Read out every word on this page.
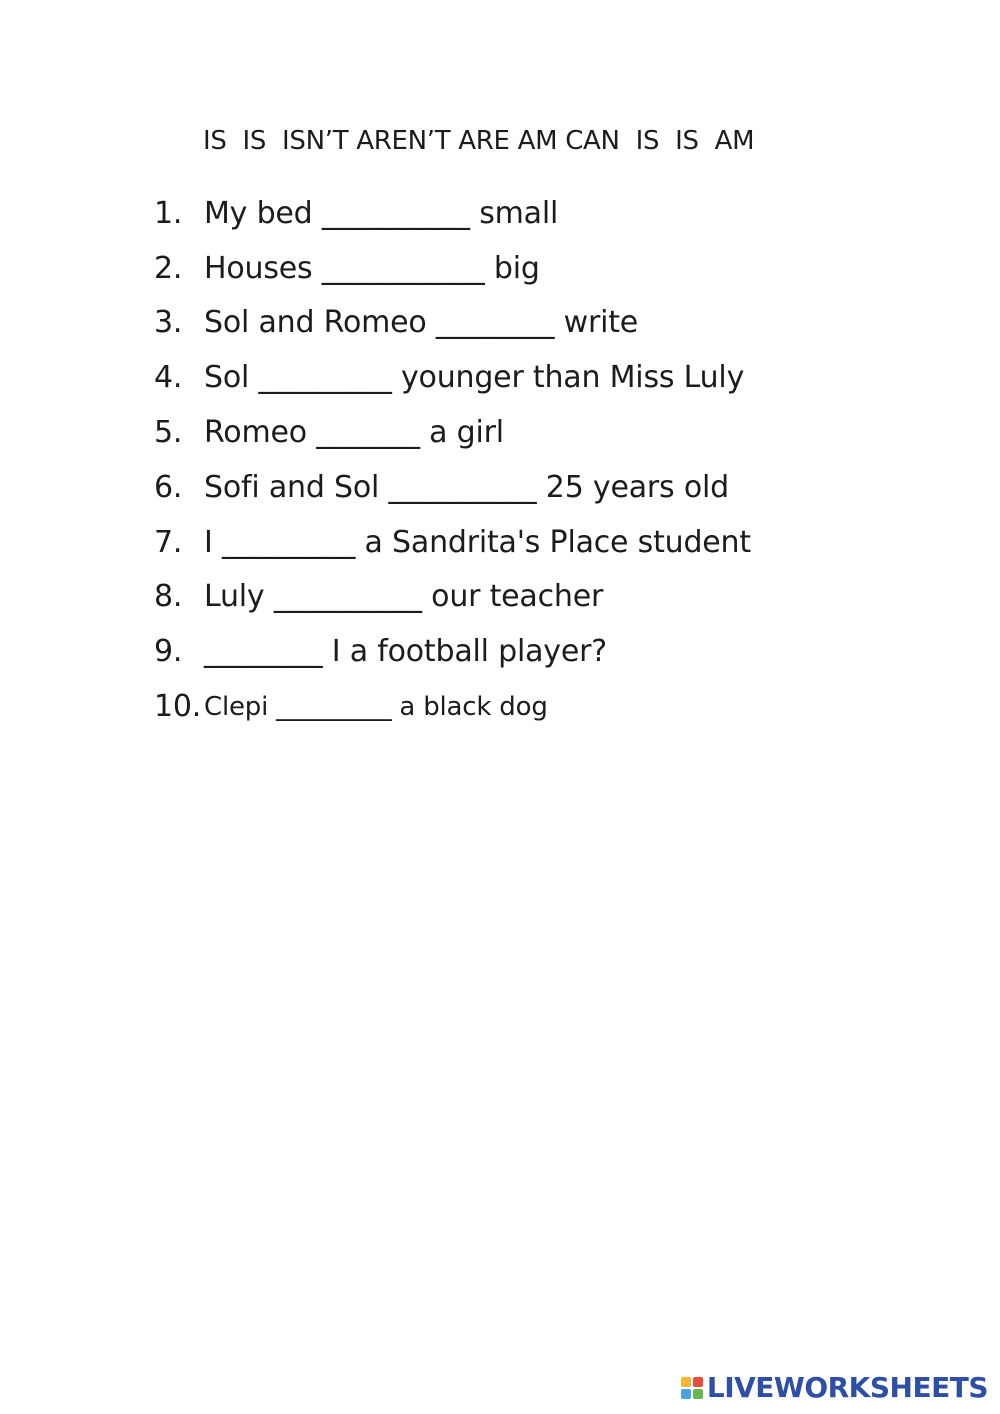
IS  IS  ISN’T AREN’T ARE AM CAN  IS  IS  AM
1. My bed __________ small
2. Houses ___________ big
3. Sol and Romeo ________ write
4. Sol _________ younger than Miss Luly
5. Romeo _______ a girl
6. Sofi and Sol __________ 25 years old
7. I _________ a Sandrita's Place student
8. Luly __________ our teacher
9. ________ I a football player?
10. Clepi _________ a black dog
LIVEWORKSHEETS
